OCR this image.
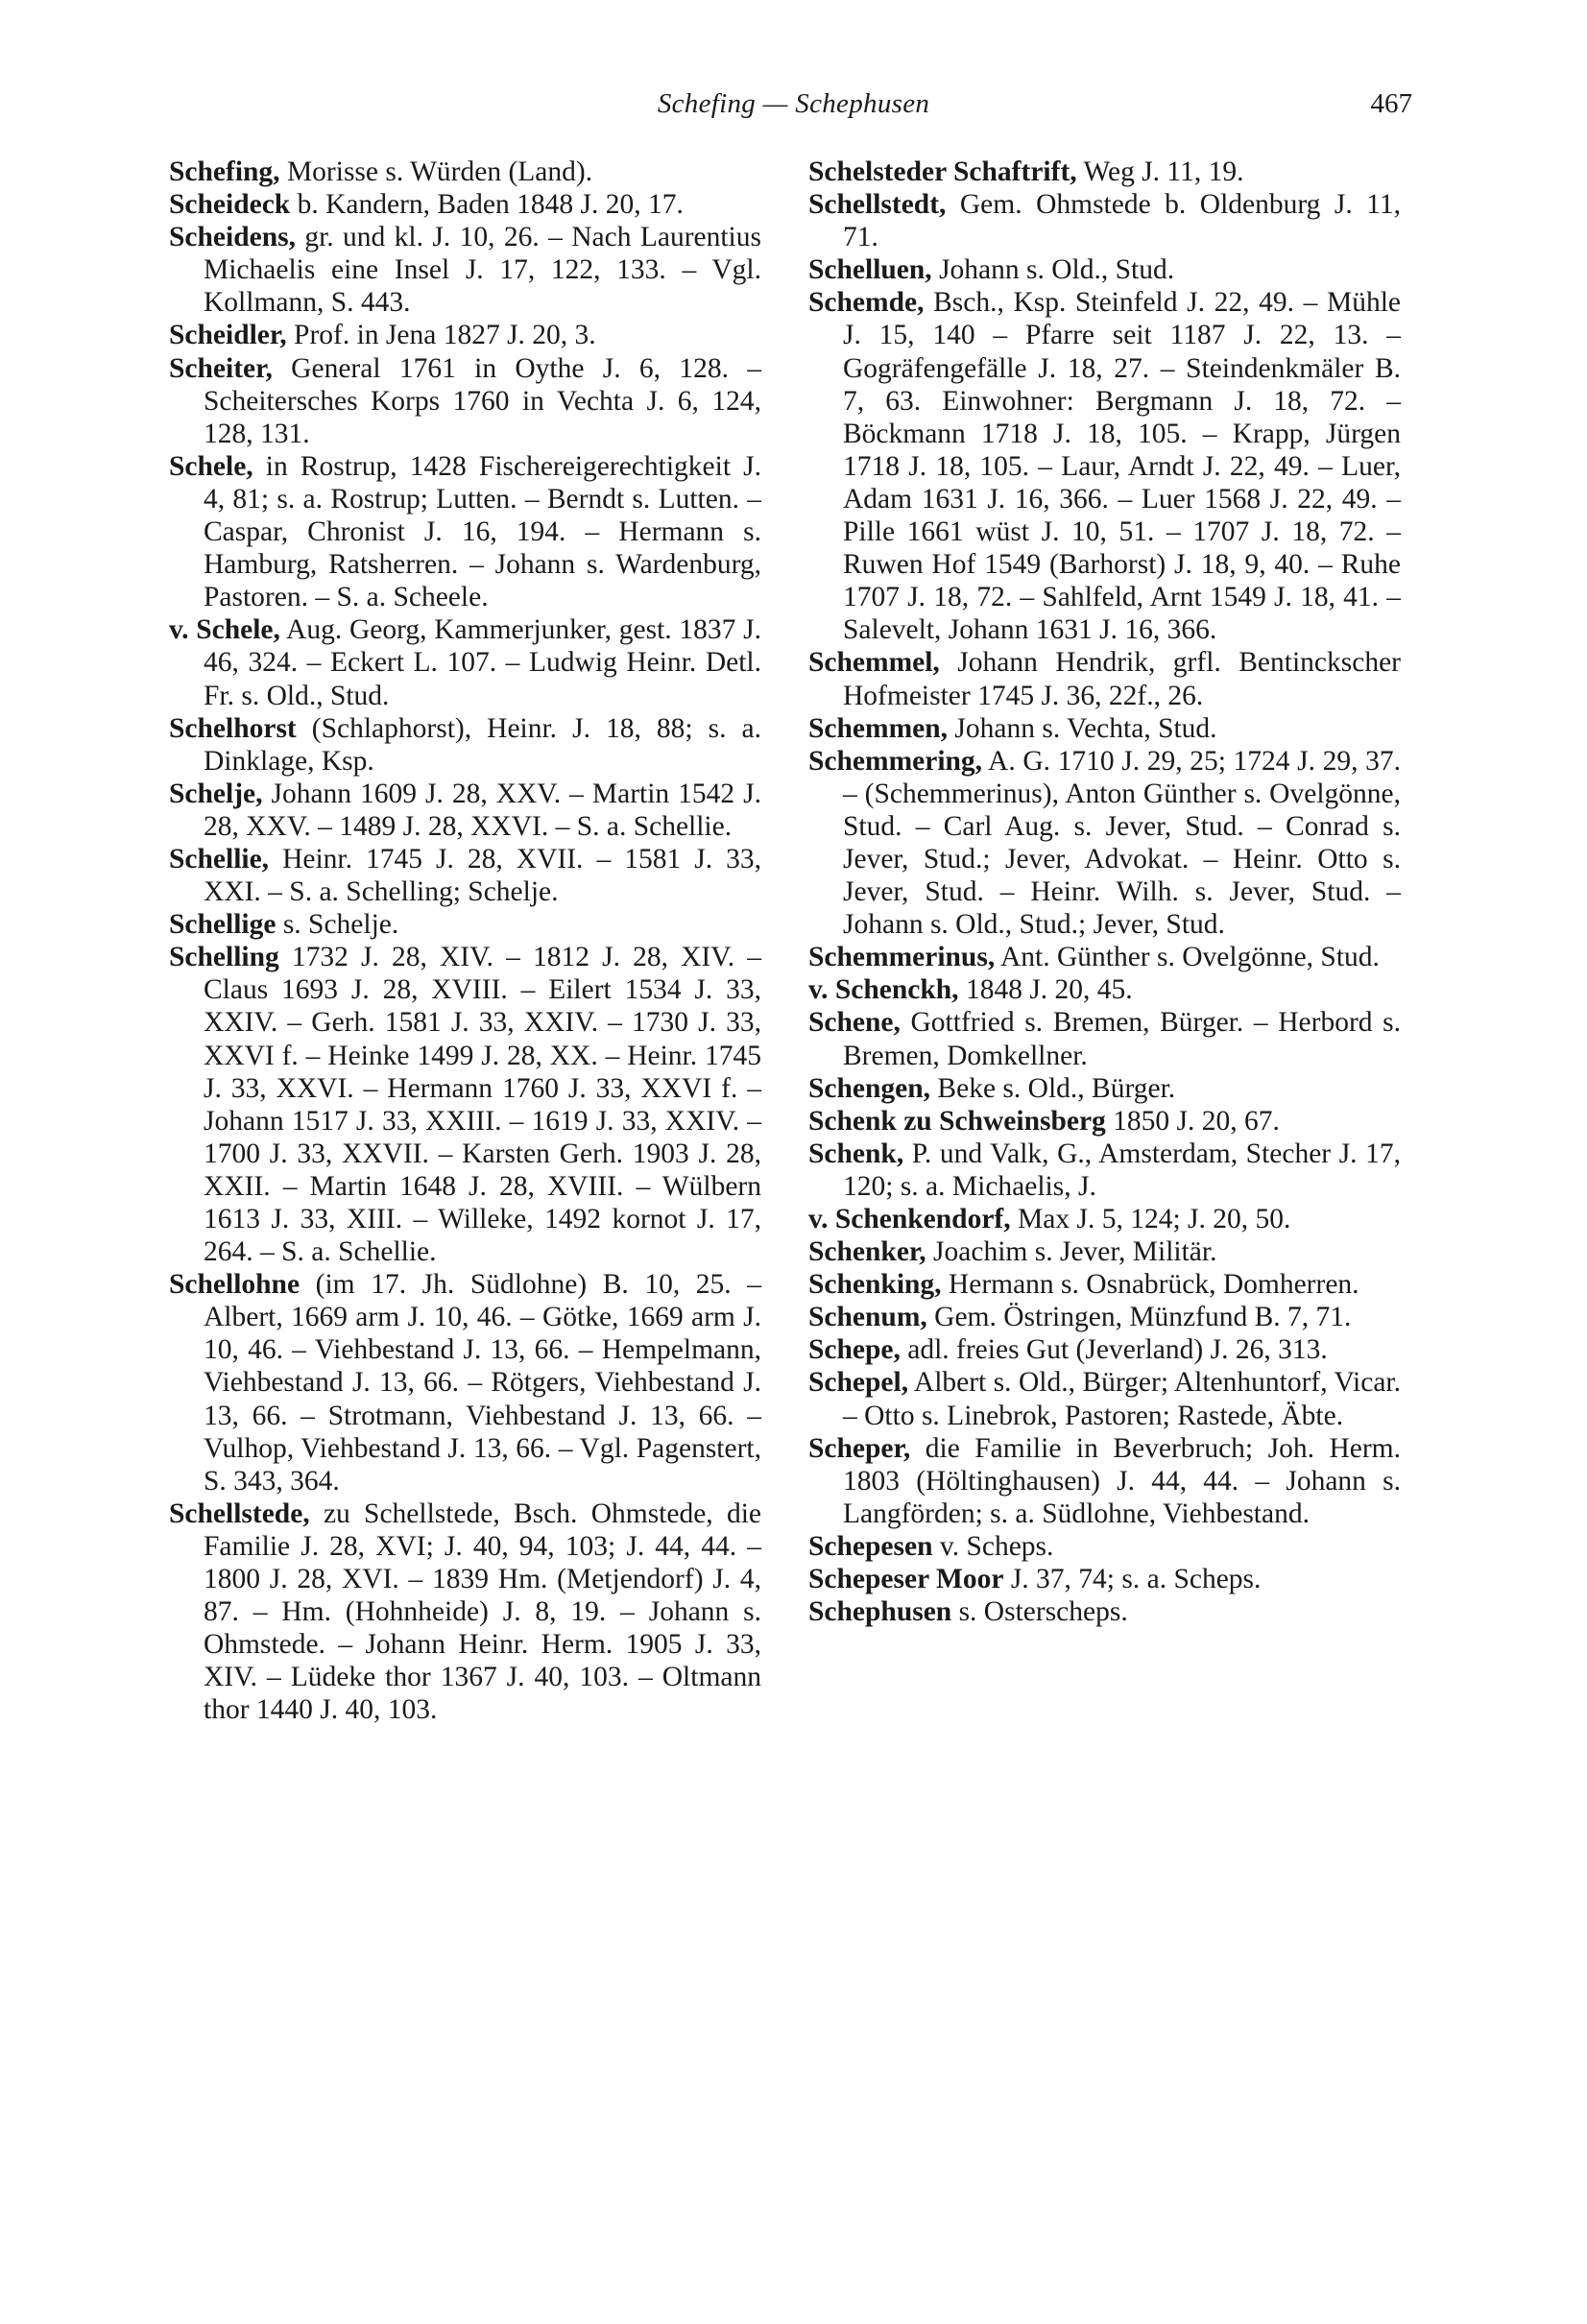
Schefing — Schephusen	467

Schefing, Morisse s. Würden (Land).

Scheideck b. Kandern, Baden 1848 J. 20, 17.

Scheidens, gr. und kl. J. 10, 26. – Nach Laurentius Michaelis eine Insel J. 17, 122, 133. – Vgl. Kollmann, S. 443.

Scheidler, Prof. in Jena 1827 J. 20, 3.

Scheiter, General 1761 in Oythe J. 6, 128. – Scheitersches Korps 1760 in Vechta J. 6, 124, 128, 131.

Schele, in Rostrup, 1428 Fischereigerechtigkeit J. 4, 81; s. a. Rostrup; Lutten. – Berndt s. Lutten. – Caspar, Chronist J. 16, 194. – Hermann s. Hamburg, Ratsherren. – Johann s. Wardenburg, Pastoren. – S. a. Scheele.

v. Schele, Aug. Georg, Kammerjunker, gest. 1837 J. 46, 324. – Eckert L. 107. – Ludwig Heinr. Detl. Fr. s. Old., Stud.

Schelhorst (Schlaphorst), Heinr. J. 18, 88; s. a. Dinklage, Ksp.

Schelje, Johann 1609 J. 28, XXV. – Martin 1542 J. 28, XXV. – 1489 J. 28, XXVI. – S. a. Schellie.

Schellie, Heinr. 1745 J. 28, XVII. – 1581 J. 33, XXI. – S. a. Schelling; Schelje.

Schellige s. Schelje.

Schelling 1732 J. 28, XIV. – 1812 J. 28, XIV. – Claus 1693 J. 28, XVIII. – Eilert 1534 J. 33, XXIV. – Gerh. 1581 J. 33, XXIV. – 1730 J. 33, XXVI f. – Heinke 1499 J. 28, XX. – Heinr. 1745 J. 33, XXVI. – Hermann 1760 J. 33, XXVI f. – Johann 1517 J. 33, XXIII. – 1619 J. 33, XXIV. – 1700 J. 33, XXVII. – Karsten Gerh. 1903 J. 28, XXII. – Martin 1648 J. 28, XVIII. – Wülbern 1613 J. 33, XIII. – Willeke, 1492 kornot J. 17, 264. – S. a. Schellie.

Schellohne (im 17. Jh. Südlohne) B. 10, 25. – Albert, 1669 arm J. 10, 46. – Götke, 1669 arm J. 10, 46. – Viehbestand J. 13, 66. – Hempelmann, Viehbestand J. 13, 66. – Rötgers, Viehbestand J. 13, 66. – Strotmann, Viehbestand J. 13, 66. – Vulhop, Viehbestand J. 13, 66. – Vgl. Pagenstert, S. 343, 364.

Schellstede, zu Schellstede, Bsch. Ohmstede, die Familie J. 28, XVI; J. 40, 94, 103; J. 44, 44. – 1800 J. 28, XVI. – 1839 Hm. (Metjendorf) J. 4, 87. – Hm. (Hohnheide) J. 8, 19. – Johann s. Ohmstede. – Johann Heinr. Herm. 1905 J. 33, XIV. – Lüdeke thor 1367 J. 40, 103. – Oltmann thor 1440 J. 40, 103.

Schelsteder Schaftrift, Weg J. 11, 19.

Schellstedt, Gem. Ohmstede b. Oldenburg J. 11, 71.

Schelluen, Johann s. Old., Stud.

Schemde, Bsch., Ksp. Steinfeld J. 22, 49. – Mühle J. 15, 140 – Pfarre seit 1187 J. 22, 13. – Gogräfengefälle J. 18, 27. – Steindenkmäler B. 7, 63. Einwohner: Bergmann J. 18, 72. – Böckmann 1718 J. 18, 105. – Krapp, Jürgen 1718 J. 18, 105. – Laur, Arndt J. 22, 49. – Luer, Adam 1631 J. 16, 366. – Luer 1568 J. 22, 49. – Pille 1661 wüst J. 10, 51. – 1707 J. 18, 72. – Ruwen Hof 1549 (Barhorst) J. 18, 9, 40. – Ruhe 1707 J. 18, 72. – Sahlfeld, Arnt 1549 J. 18, 41. – Salevelt, Johann 1631 J. 16, 366.

Schemmel, Johann Hendrik, grfl. Bentinckscher Hofmeister 1745 J. 36, 22f., 26.

Schemmen, Johann s. Vechta, Stud.

Schemmering, A. G. 1710 J. 29, 25; 1724 J. 29, 37. – (Schemmerinus), Anton Günther s. Ovelgönne, Stud. – Carl Aug. s. Jever, Stud. – Conrad s. Jever, Stud.; Jever, Advokat. – Heinr. Otto s. Jever, Stud. – Heinr. Wilh. s. Jever, Stud. – Johann s. Old., Stud.; Jever, Stud.

Schemmerinus, Ant. Günther s. Ovelgönne, Stud.

v. Schenckh, 1848 J. 20, 45.

Schene, Gottfried s. Bremen, Bürger. – Herbord s. Bremen, Domkellner.

Schengen, Beke s. Old., Bürger.

Schenk zu Schweinsberg 1850 J. 20, 67.

Schenk, P. und Valk, G., Amsterdam, Stecher J. 17, 120; s. a. Michaelis, J.

v. Schenkendorf, Max J. 5, 124; J. 20, 50.

Schenker, Joachim s. Jever, Militär.

Schenking, Hermann s. Osnabrück, Domherren.

Schenum, Gem. Östringen, Münzfund B. 7, 71.

Schepe, adl. freies Gut (Jeverland) J. 26, 313.

Schepel, Albert s. Old., Bürger; Altenhuntorf, Vicar. – Otto s. Linebrok, Pastoren; Rastede, Äbte.

Scheper, die Familie in Beverbruch; Joh. Herm. 1803 (Höltinghausen) J. 44, 44. – Johann s. Langförden; s. a. Südlohne, Viehbestand.

Schepesen v. Scheps.

Schepeser Moor J. 37, 74; s. a. Scheps.

Schephusen s. Osterscheps.
